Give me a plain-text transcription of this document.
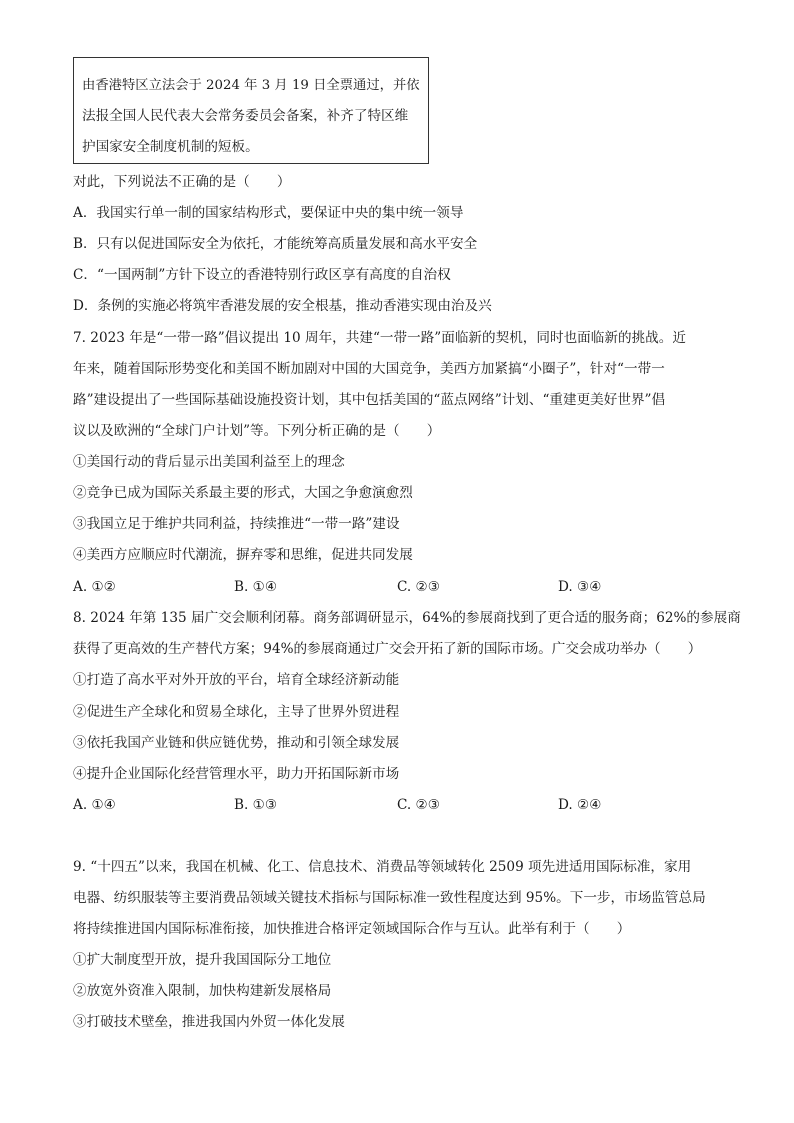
由香港特区立法会于 2024 年 3 月 19 日全票通过，并依
法报全国人民代表大会常务委员会备案，补齐了特区维
护国家安全制度机制的短板。
对此，下列说法不正确的是（　　）
A．我国实行单一制的国家结构形式，要保证中央的集中统一领导
B．只有以促进国际安全为依托，才能统筹高质量发展和高水平安全
C．“一国两制”方针下设立的香港特别行政区享有高度的自治权
D．条例的实施必将筑牢香港发展的安全根基，推动香港实现由治及兴
7. 2023 年是“一带一路”倡议提出 10 周年，共建“一带一路”面临新的契机，同时也面临新的挑战。近
年来，随着国际形势变化和美国不断加剧对中国的大国竞争，美西方加紧搞“小圈子”，针对“一带一
路”建设提出了一些国际基础设施投资计划，其中包括美国的“蓝点网络”计划、“重建更美好世界”倡
议以及欧洲的“全球门户计划”等。下列分析正确的是（　　）
①美国行动的背后显示出美国利益至上的理念
②竞争已成为国际关系最主要的形式，大国之争愈演愈烈
③我国立足于维护共同利益，持续推进“一带一路”建设
④美西方应顺应时代潮流，摒弃零和思维，促进共同发展
A. ①②	B. ①④	C. ②③	D. ③④
8. 2024 年第 135 届广交会顺利闭幕。商务部调研显示，64%的参展商找到了更合适的服务商；62%的参展商
获得了更高效的生产替代方案；94%的参展商通过广交会开拓了新的国际市场。广交会成功举办（　　）
①打造了高水平对外开放的平台，培育全球经济新动能
②促进生产全球化和贸易全球化，主导了世界外贸进程
③依托我国产业链和供应链优势，推动和引领全球发展
④提升企业国际化经营管理水平，助力开拓国际新市场
A. ①④	B. ①③	C. ②③	D. ②④
9. “十四五”以来，我国在机械、化工、信息技术、消费品等领域转化 2509 项先进适用国际标准，家用
电器、纺织服装等主要消费品领域关键技术指标与国际标准一致性程度达到 95%。下一步，市场监管总局
将持续推进国内国际标准衔接，加快推进合格评定领域国际合作与互认。此举有利于（　　）
①扩大制度型开放，提升我国国际分工地位
②放宽外资准入限制，加快构建新发展格局
③打破技术壁垒，推进我国内外贸一体化发展
